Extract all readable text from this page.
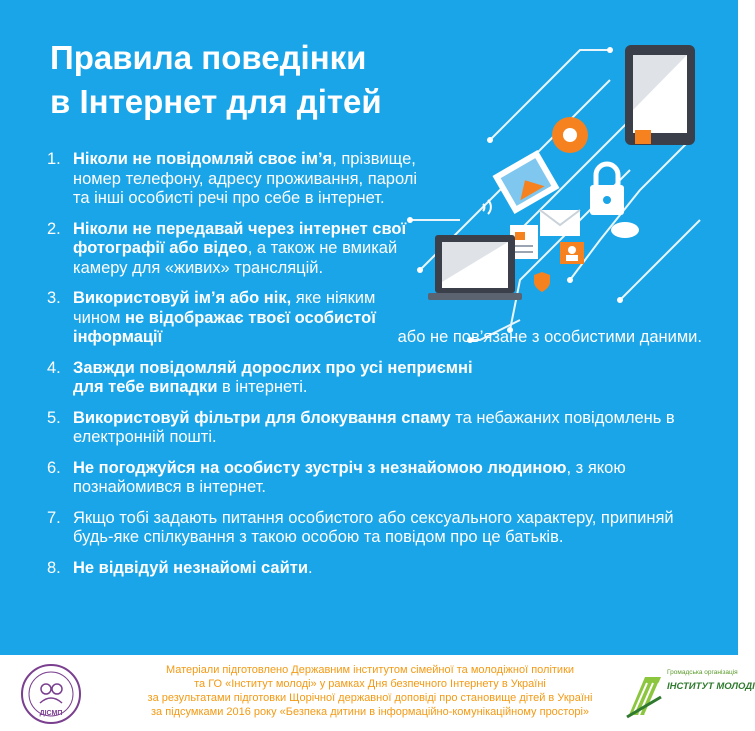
Правила поведінки
в Інтернет для дітей
1. Ніколи не повідомляй своє ім’я, прізвище, номер телефону, адресу проживання, паролі та інші особисті речі про себе в інтернет.
2. Ніколи не передавай через інтернет свої фотографії або відео, а також не вмикай камеру для «живих» трансляцій.
3. Використовуй ім’я або нік, яке ніяким чином не відображає твоєї особистої інформації	або не пов’язане з особистими даними.
4. Завжди повідомляй дорослих про усі неприємні для тебе випадки в інтернеті.
5. Використовуй фільтри для блокування спаму та небажаних повідомлень в електронній пошті.
6. Не погоджуйся на особисту зустріч з незнайомою людиною, з якою познайомився в інтернет.
7. Якщо тобі задають питання особистого або сексуального характеру, припиняй будь-яке спілкування з такою особою та повідом про це батьків.
8. Не відвідуй незнайомі сайти.
ДІСМП
Матеріали підготовлено Державним інститутом сімейної та молодіжної політики
та ГО «Інститут молоді» у рамках Дня безпечного Інтернету в Україні
за результатами підготовки Щорічної державної доповіді про становище дітей в Україні
за підсумками 2016 року «Безпека дитини в інформаційно-комунікаційному просторі»
Громадська організація
ІНСТИТУТ МОЛОДІ
